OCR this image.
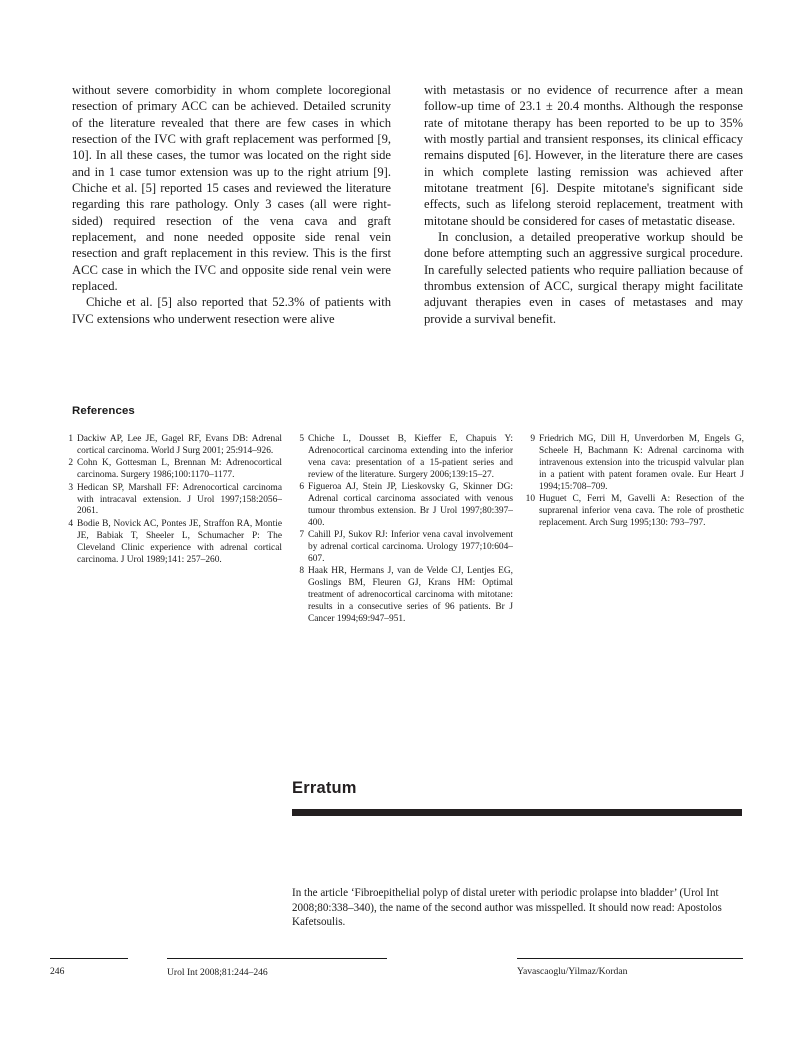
without severe comorbidity in whom complete locoregional resection of primary ACC can be achieved. Detailed scrunity of the literature revealed that there are few cases in which resection of the IVC with graft replacement was performed [9, 10]. In all these cases, the tumor was located on the right side and in 1 case tumor extension was up to the right atrium [9]. Chiche et al. [5] reported 15 cases and reviewed the literature regarding this rare pathology. Only 3 cases (all were right-sided) required resection of the vena cava and graft replacement, and none needed opposite side renal vein resection and graft replacement in this review. This is the first ACC case in which the IVC and opposite side renal vein were replaced.

Chiche et al. [5] also reported that 52.3% of patients with IVC extensions who underwent resection were alive

with metastasis or no evidence of recurrence after a mean follow-up time of 23.1 ± 20.4 months. Although the response rate of mitotane therapy has been reported to be up to 35% with mostly partial and transient responses, its clinical efficacy remains disputed [6]. However, in the literature there are cases in which complete lasting remission was achieved after mitotane treatment [6]. Despite mitotane's significant side effects, such as lifelong steroid replacement, treatment with mitotane should be considered for cases of metastatic disease.

In conclusion, a detailed preoperative workup should be done before attempting such an aggressive surgical procedure. In carefully selected patients who require palliation because of thrombus extension of ACC, surgical therapy might facilitate adjuvant therapies even in cases of metastases and may provide a survival benefit.

References
1 Dackiw AP, Lee JE, Gagel RF, Evans DB: Adrenal cortical carcinoma. World J Surg 2001; 25:914–926.
2 Cohn K, Gottesman L, Brennan M: Adrenocortical carcinoma. Surgery 1986;100:1170–1177.
3 Hedican SP, Marshall FF: Adrenocortical carcinoma with intracaval extension. J Urol 1997;158:2056–2061.
4 Bodie B, Novick AC, Pontes JE, Straffon RA, Montie JE, Babiak T, Sheeler L, Schumacher P: The Cleveland Clinic experience with adrenal cortical carcinoma. J Urol 1989;141: 257–260.
5 Chiche L, Dousset B, Kieffer E, Chapuis Y: Adrenocortical carcinoma extending into the inferior vena cava: presentation of a 15-patient series and review of the literature. Surgery 2006;139:15–27.
6 Figueroa AJ, Stein JP, Lieskovsky G, Skinner DG: Adrenal cortical carcinoma associated with venous tumour thrombus extension. Br J Urol 1997;80:397–400.
7 Cahill PJ, Sukov RJ: Inferior vena caval involvement by adrenal cortical carcinoma. Urology 1977;10:604–607.
8 Haak HR, Hermans J, van de Velde CJ, Lentjes EG, Goslings BM, Fleuren GJ, Krans HM: Optimal treatment of adrenocortical carcinoma with mitotane: results in a consecutive series of 96 patients. Br J Cancer 1994;69:947–951.
9 Friedrich MG, Dill H, Unverdorben M, Engels G, Scheele H, Bachmann K: Adrenal carcinoma with intravenous extension into the tricuspid valvular plan in a patient with patent foramen ovale. Eur Heart J 1994;15:708–709.
10 Huguet C, Ferri M, Gavelli A: Resection of the suprarenal inferior vena cava. The role of prosthetic replacement. Arch Surg 1995;130: 793–797.
Erratum
In the article ‘Fibroepithelial polyp of distal ureter with periodic prolapse into bladder’ (Urol Int 2008;80:338–340), the name of the second author was misspelled. It should now read: Apostolos Kafetsoulis.
246	Urol Int 2008;81:244–246	Yavascaoglu/Yilmaz/Kordan
